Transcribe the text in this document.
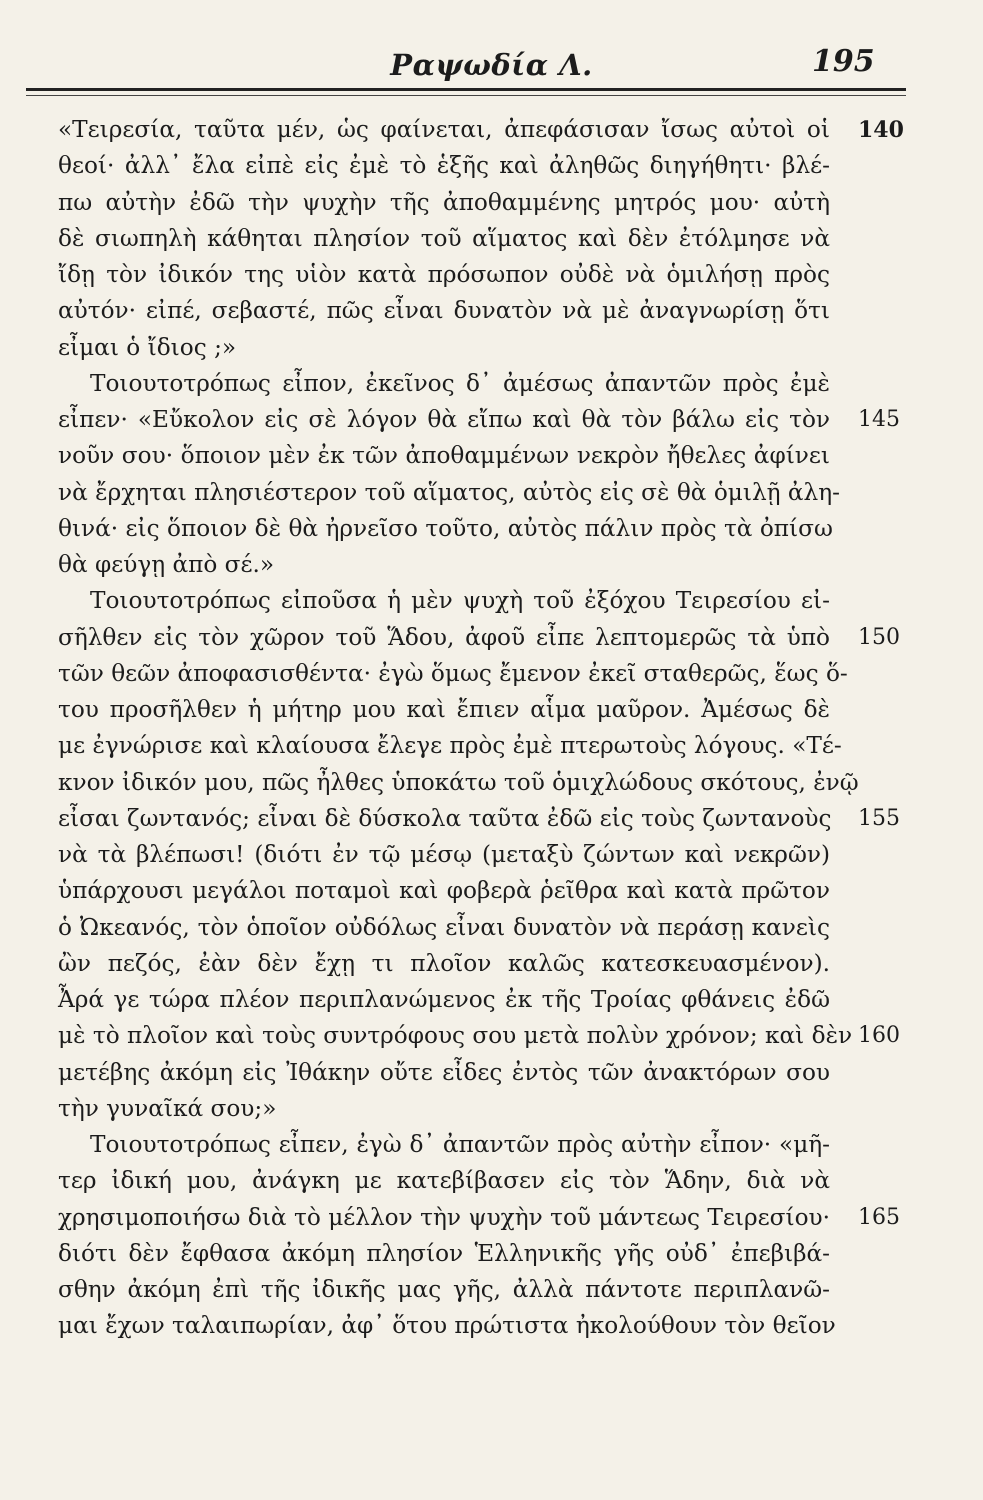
Ραψωδία Λ.	195
«Τειρεσία, ταῦτα μέν, ὡς φαίνεται, ἀπεφάσισαν ἴσως αὐτοὶ οἱ
θεοί· ἀλλ᾽ ἔλα εἰπὲ εἰς ἐμὲ τὸ ἑξῆς καὶ ἀληθῶς διηγήθητι· βλέ-
πω αὐτὴν ἐδῶ τὴν ψυχὴν τῆς ἀποθαμμένης μητρός μου· αὐτὴ
δὲ σιωπηλὴ κάθηται πλησίον τοῦ αἵματος καὶ δὲν ἐτόλμησε νὰ
ἴδῃ τὸν ἰδικόν της υἱὸν κατὰ πρόσωπον οὐδὲ νὰ ὁμιλήσῃ πρὸς
αὐτόν· εἰπέ, σεβαστέ, πῶς εἶναι δυνατὸν νὰ μὲ ἀναγνωρίσῃ ὅτι
εἶμαι ὁ ἴδιος ;»
Τοιουτοτρόπως εἶπον, ἐκεῖνος δ᾽ ἀμέσως ἀπαντῶν πρὸς ἐμὲ
εἶπεν· «Εὔκολον εἰς σὲ λόγον θὰ εἴπω καὶ θὰ τὸν βάλω εἰς τὸν
νοῦν σου· ὅποιον μὲν ἐκ τῶν ἀποθαμμένων νεκρὸν ἤθελες ἀφίνει
νὰ ἔρχηται πλησιέστερον τοῦ αἵματος, αὐτὸς εἰς σὲ θὰ ὁμιλῇ ἀλη-
θινά· εἰς ὅποιον δὲ θὰ ἠρνεῖσο τοῦτο, αὐτὸς πάλιν πρὸς τὰ ὀπίσω
θὰ φεύγῃ ἀπὸ σέ.»
Τοιουτοτρόπως εἰποῦσα ἡ μὲν ψυχὴ τοῦ ἐξόχου Τειρεσίου εἰ-
σῆλθεν εἰς τὸν χῶρον τοῦ Ἅδου, ἀφοῦ εἶπε λεπτομερῶς τὰ ὑπὸ
τῶν θεῶν ἀποφασισθέντα· ἐγὼ ὅμως ἔμενον ἐκεῖ σταθερῶς, ἕως ὅ-
του προσῆλθεν ἡ μήτηρ μου καὶ ἔπιεν αἷμα μαῦρον. Ἀμέσως δὲ
με ἐγνώρισε καὶ κλαίουσα ἔλεγε πρὸς ἐμὲ πτερωτοὺς λόγους. «Τέ-
κνον ἰδικόν μου, πῶς ἦλθες ὑποκάτω τοῦ ὁμιχλώδους σκότους, ἐνῷ
εἶσαι ζωντανός; εἶναι δὲ δύσκολα ταῦτα ἐδῶ εἰς τοὺς ζωντανοὺς
νὰ τὰ βλέπωσι! (διότι ἐν τῷ μέσῳ (μεταξὺ ζώντων καὶ νεκρῶν)
ὑπάρχουσι μεγάλοι ποταμοὶ καὶ φοβερὰ ῥεῖθρα καὶ κατὰ πρῶτον
ὁ Ὠκεανός, τὸν ὁποῖον οὐδόλως εἶναι δυνατὸν νὰ περάσῃ κανεὶς
ὢν πεζός, ἐὰν δὲν ἔχῃ τι πλοῖον καλῶς κατεσκευασμένον).
Ἆρά γε τώρα πλέον περιπλανώμενος ἐκ τῆς Τροίας φθάνεις ἐδῶ
μὲ τὸ πλοῖον καὶ τοὺς συντρόφους σου μετὰ πολὺν χρόνον; καὶ δὲν
μετέβης ἀκόμη εἰς Ἰθάκην οὔτε εἶδες ἐντὸς τῶν ἀνακτόρων σου
τὴν γυναῖκά σου;»
Τοιουτοτρόπως εἶπεν, ἐγὼ δ᾽ ἀπαντῶν πρὸς αὐτὴν εἶπον· «μῆ-
τερ ἰδική μου, ἀνάγκη με κατεβίβασεν εἰς τὸν Ἅδην, διὰ νὰ
χρησιμοποιήσω διὰ τὸ μέλλον τὴν ψυχὴν τοῦ μάντεως Τειρεσίου·
διότι δὲν ἔφθασα ἀκόμη πλησίον Ἑλληνικῆς γῆς οὐδ᾽ ἐπεβιβά-
σθην ἀκόμη ἐπὶ τῆς ἰδικῆς μας γῆς, ἀλλὰ πάντοτε περιπλανῶ-
μαι ἔχων ταλαιπωρίαν, ἀφ᾽ ὅτου πρώτιστα ἠκολούθουν τὸν θεῖον
140
145
150
155
160
165
